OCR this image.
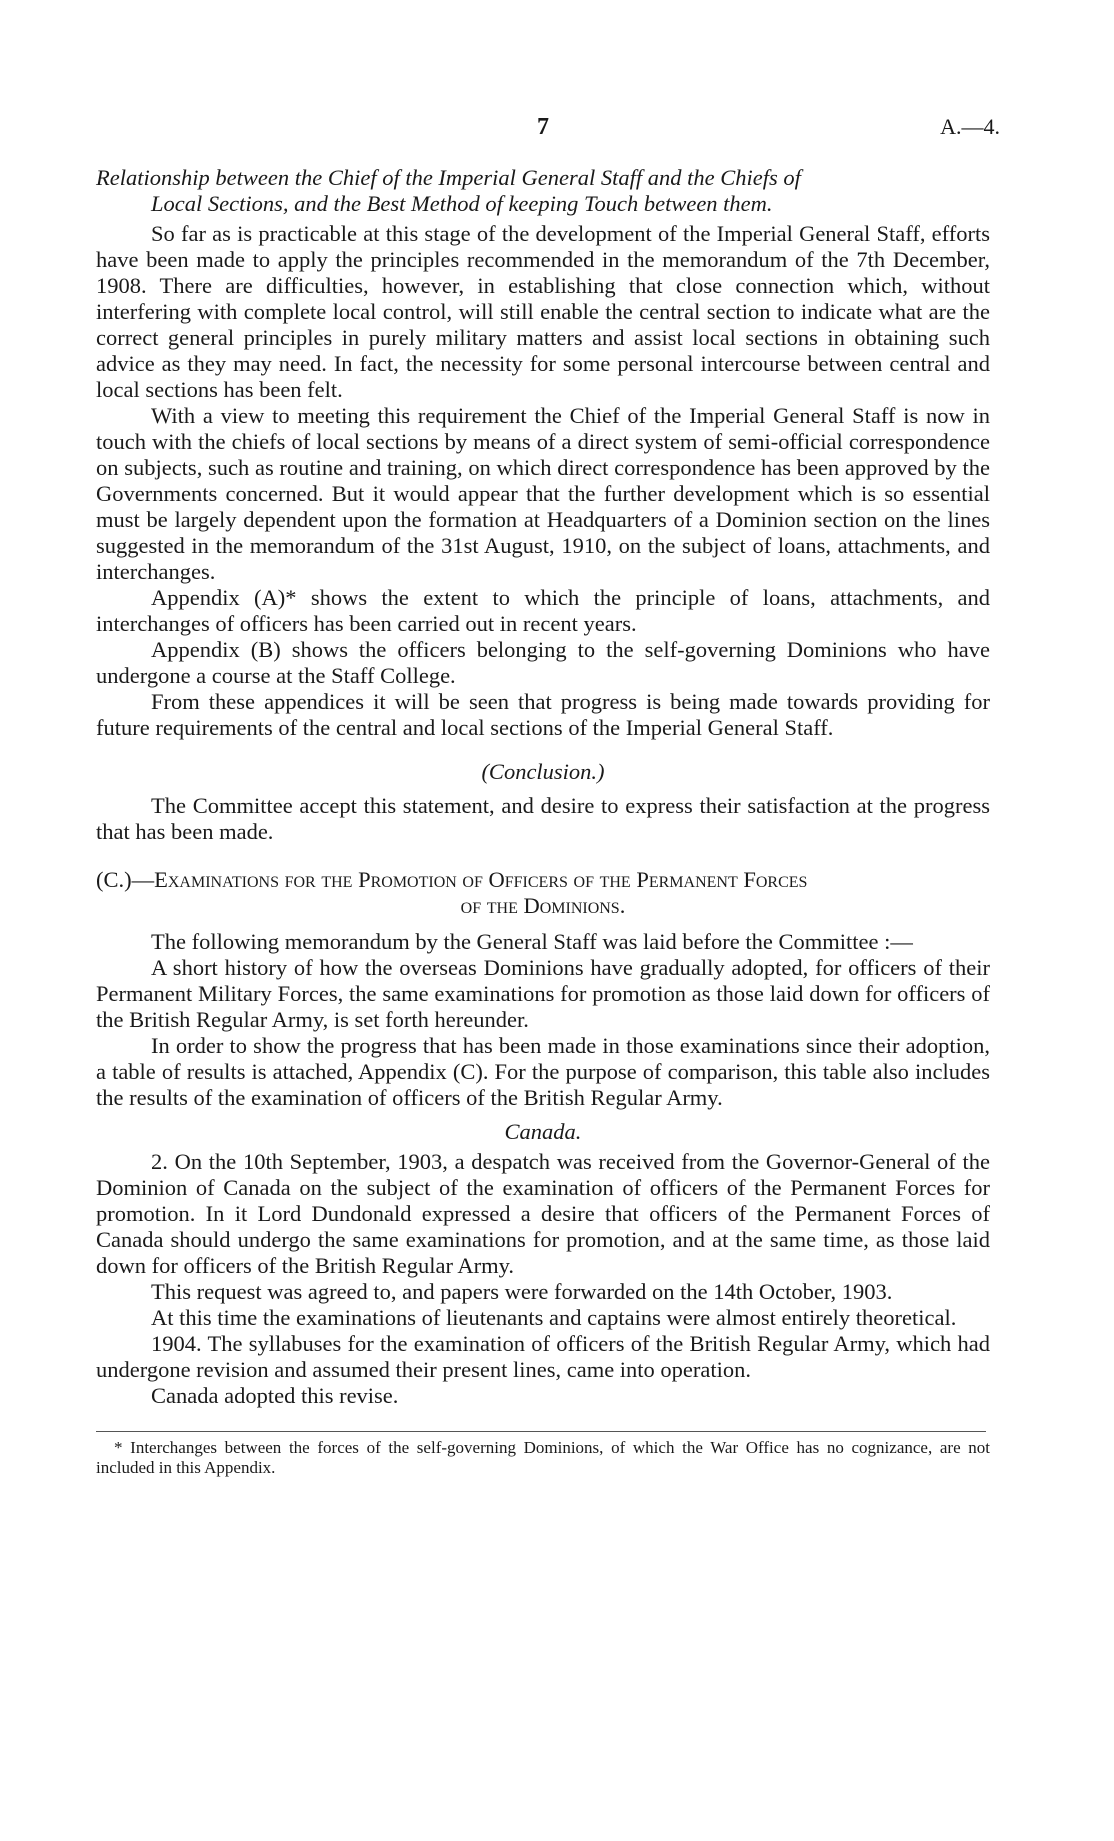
7	A.—4.
Relationship between the Chief of the Imperial General Staff and the Chiefs of
Local Sections, and the Best Method of keeping Touch between them.

So far as is practicable at this stage of the development of the Imperial General Staff, efforts have been made to apply the principles recommended in the memorandum of the 7th December, 1908. There are difficulties, however, in establishing that close connection which, without interfering with complete local control, will still enable the central section to indicate what are the correct general principles in purely military matters and assist local sections in obtaining such advice as they may need. In fact, the necessity for some personal intercourse between central and local sections has been felt.

With a view to meeting this requirement the Chief of the Imperial General Staff is now in touch with the chiefs of local sections by means of a direct system of semi-official correspondence on subjects, such as routine and training, on which direct correspondence has been approved by the Governments concerned. But it would appear that the further development which is so essential must be largely dependent upon the formation at Headquarters of a Dominion section on the lines suggested in the memorandum of the 31st August, 1910, on the subject of loans, attachments, and interchanges.

Appendix (A)* shows the extent to which the principle of loans, attachments, and interchanges of officers has been carried out in recent years.

Appendix (B) shows the officers belonging to the self-governing Dominions who have undergone a course at the Staff College.

From these appendices it will be seen that progress is being made towards providing for future requirements of the central and local sections of the Imperial General Staff.

(Conclusion.)

The Committee accept this statement, and desire to express their satisfaction at the progress that has been made.

(C.)—Examinations for the Promotion of Officers of the Permanent Forces
of the Dominions.

The following memorandum by the General Staff was laid before the Committee :—

A short history of how the overseas Dominions have gradually adopted, for officers of their Permanent Military Forces, the same examinations for promotion as those laid down for officers of the British Regular Army, is set forth hereunder.

In order to show the progress that has been made in those examinations since their adoption, a table of results is attached, Appendix (C). For the purpose of comparison, this table also includes the results of the examination of officers of the British Regular Army.

Canada.

2. On the 10th September, 1903, a despatch was received from the Governor-General of the Dominion of Canada on the subject of the examination of officers of the Permanent Forces for promotion. In it Lord Dundonald expressed a desire that officers of the Permanent Forces of Canada should undergo the same examinations for promotion, and at the same time, as those laid down for officers of the British Regular Army.

This request was agreed to, and papers were forwarded on the 14th October, 1903.

At this time the examinations of lieutenants and captains were almost entirely theoretical.

1904. The syllabuses for the examination of officers of the British Regular Army, which had undergone revision and assumed their present lines, came into operation.

Canada adopted this revise.

* Interchanges between the forces of the self-governing Dominions, of which the War Office has no cognizance, are not included in this Appendix.
